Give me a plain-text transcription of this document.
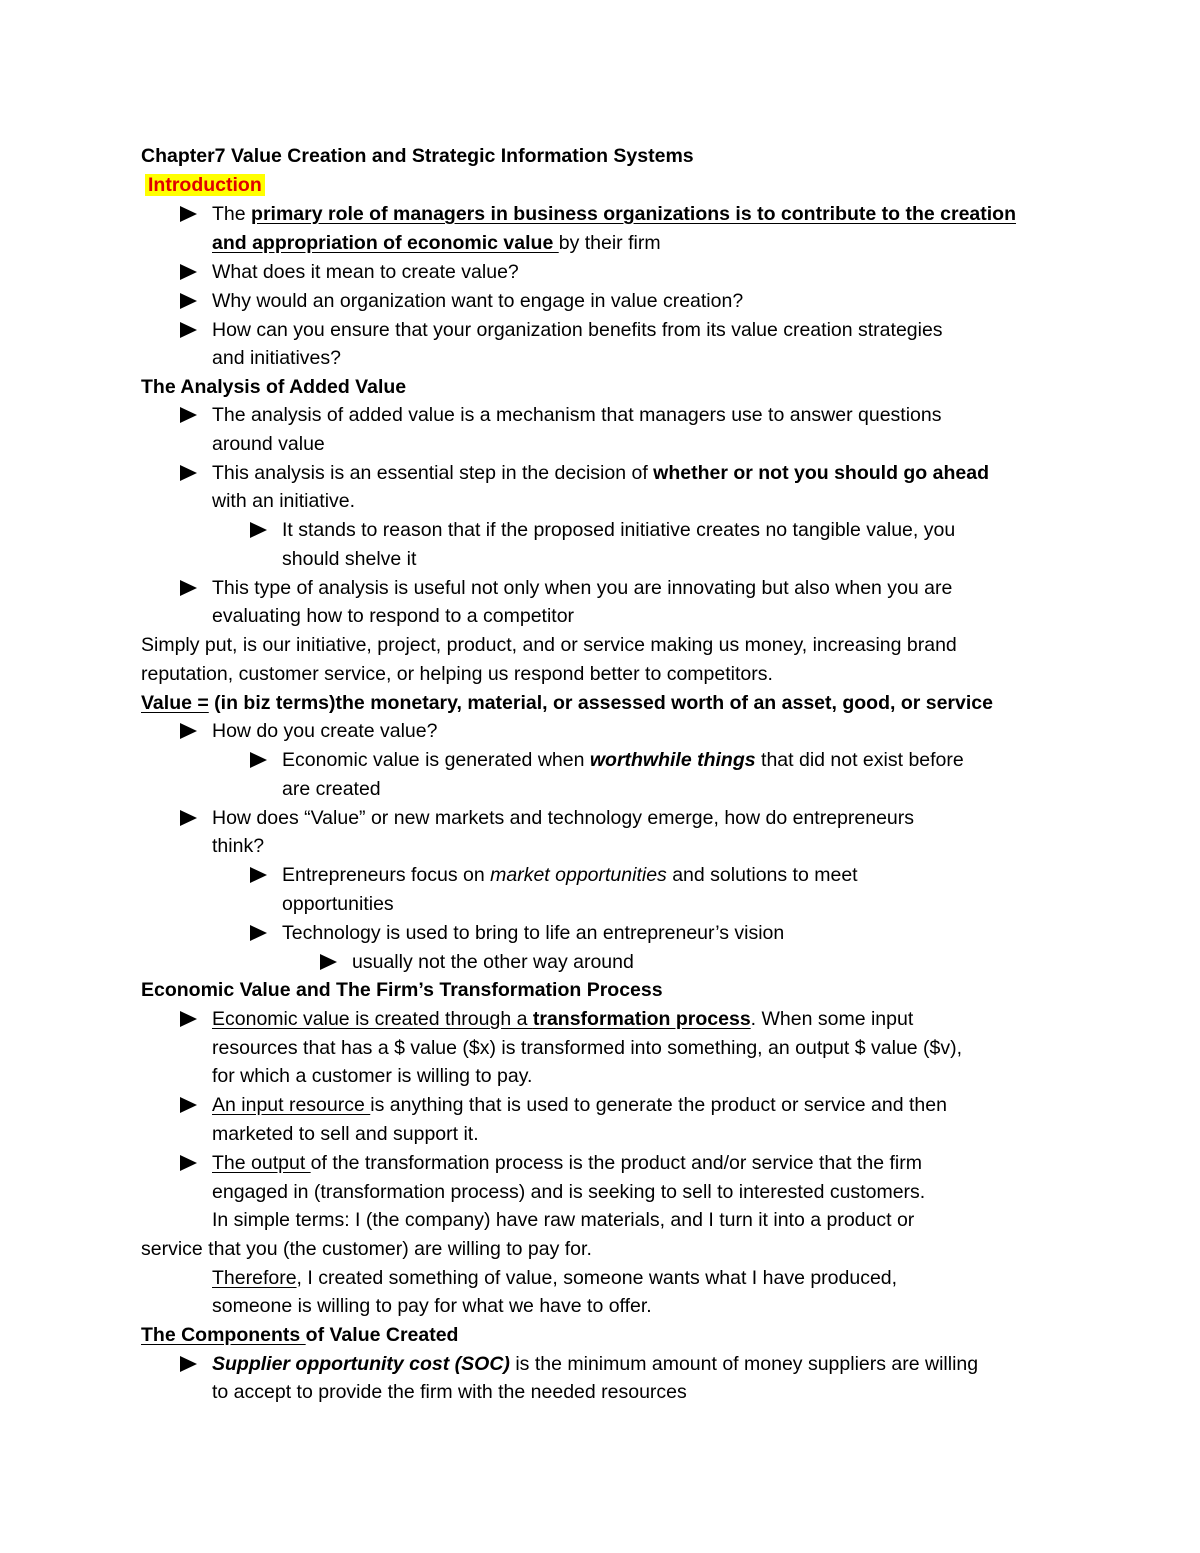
Chapter7 Value Creation and Strategic Information Systems
Introduction
The primary role of managers in business organizations is to contribute to the creation
and appropriation of economic value by their firm
What does it mean to create value?
Why would an organization want to engage in value creation?
How can you ensure that your organization benefits from its value creation strategies
and initiatives?
The Analysis of Added Value
The analysis of added value is a mechanism that managers use to answer questions
around value
This analysis is an essential step in the decision of whether or not you should go ahead
with an initiative.
It stands to reason that if the proposed initiative creates no tangible value, you
should shelve it
This type of analysis is useful not only when you are innovating but also when you are
evaluating how to respond to a competitor
Simply put, is our initiative, project, product, and or service making us money, increasing brand
reputation, customer service, or helping us respond better to competitors.
Value = (in biz terms)the monetary, material, or assessed worth of an asset, good, or service
How do you create value?
Economic value is generated when worthwhile things that did not exist before
are created
How does “Value” or new markets and technology emerge, how do entrepreneurs
think?
Entrepreneurs focus on market opportunities and solutions to meet
opportunities
Technology is used to bring to life an entrepreneur’s vision
usually not the other way around
Economic Value and The Firm’s Transformation Process
Economic value is created through a transformation process. When some input
resources that has a $ value ($x) is transformed into something, an output $ value ($v),
for which a customer is willing to pay.
An input resource is anything that is used to generate the product or service and then
marketed to sell and support it.
The output of the transformation process is the product and/or service that the firm
engaged in (transformation process) and is seeking to sell to interested customers.
In simple terms: I (the company) have raw materials, and I turn it into a product or
service that you (the customer) are willing to pay for.
Therefore, I created something of value, someone wants what I have produced,
someone is willing to pay for what we have to offer.
The Components of Value Created
Supplier opportunity cost (SOC) is the minimum amount of money suppliers are willing
to accept to provide the firm with the needed resources
